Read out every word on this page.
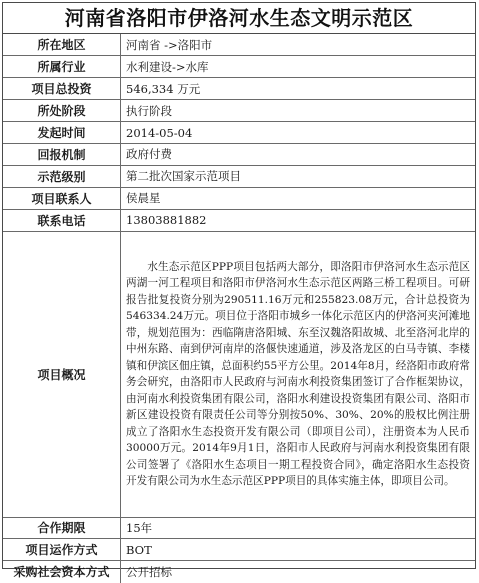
河南省洛阳市伊洛河水生态文明示范区
所在地区	河南省 ->洛阳市
所属行业	水利建设->水库
项目总投资	546,334 万元
所处阶段	执行阶段
发起时间	2014-05-04
回报机制	政府付费
示范级别	第二批次国家示范项目
项目联系人	侯晨星
联系电话	13803881882
项目概况	水生态示范区PPP项目包括两大部分，即洛阳市伊洛河水生态示范区两湖一河工程项目和洛阳市伊洛河水生态示范区两路三桥工程项目。可研报告批复投资分别为290511.16万元和255823.08万元，合计总投资为546334.24万元。项目位于洛阳市城乡一体化示范区内的伊洛河夹河滩地带，规划范围为：西临隋唐洛阳城、东至汉魏洛阳故城、北至洛河北岸的中州东路、南到伊河南岸的洛偃快速通道，涉及洛龙区的白马寺镇、李楼镇和伊滨区佃庄镇，总面积约55平方公里。2014年8月，经洛阳市政府常务会研究，由洛阳市人民政府与河南水利投资集团签订了合作框架协议，由河南水利投资集团有限公司，洛阳水利建设投资集团有限公司、洛阳市新区建设投资有限责任公司等分别按50%、30%、20%的股权比例注册成立了洛阳水生态投资开发有限公司（即项目公司），注册资本为人民币30000万元。2014年9月1日，洛阳市人民政府与河南水利投资集团有限公司签署了《洛阳水生态项目一期工程投资合同》，确定洛阳水生态投资开发有限公司为水生态示范区PPP项目的具体实施主体，即项目公司。
合作期限	15年
项目运作方式	BOT
采购社会资本方式	公开招标
